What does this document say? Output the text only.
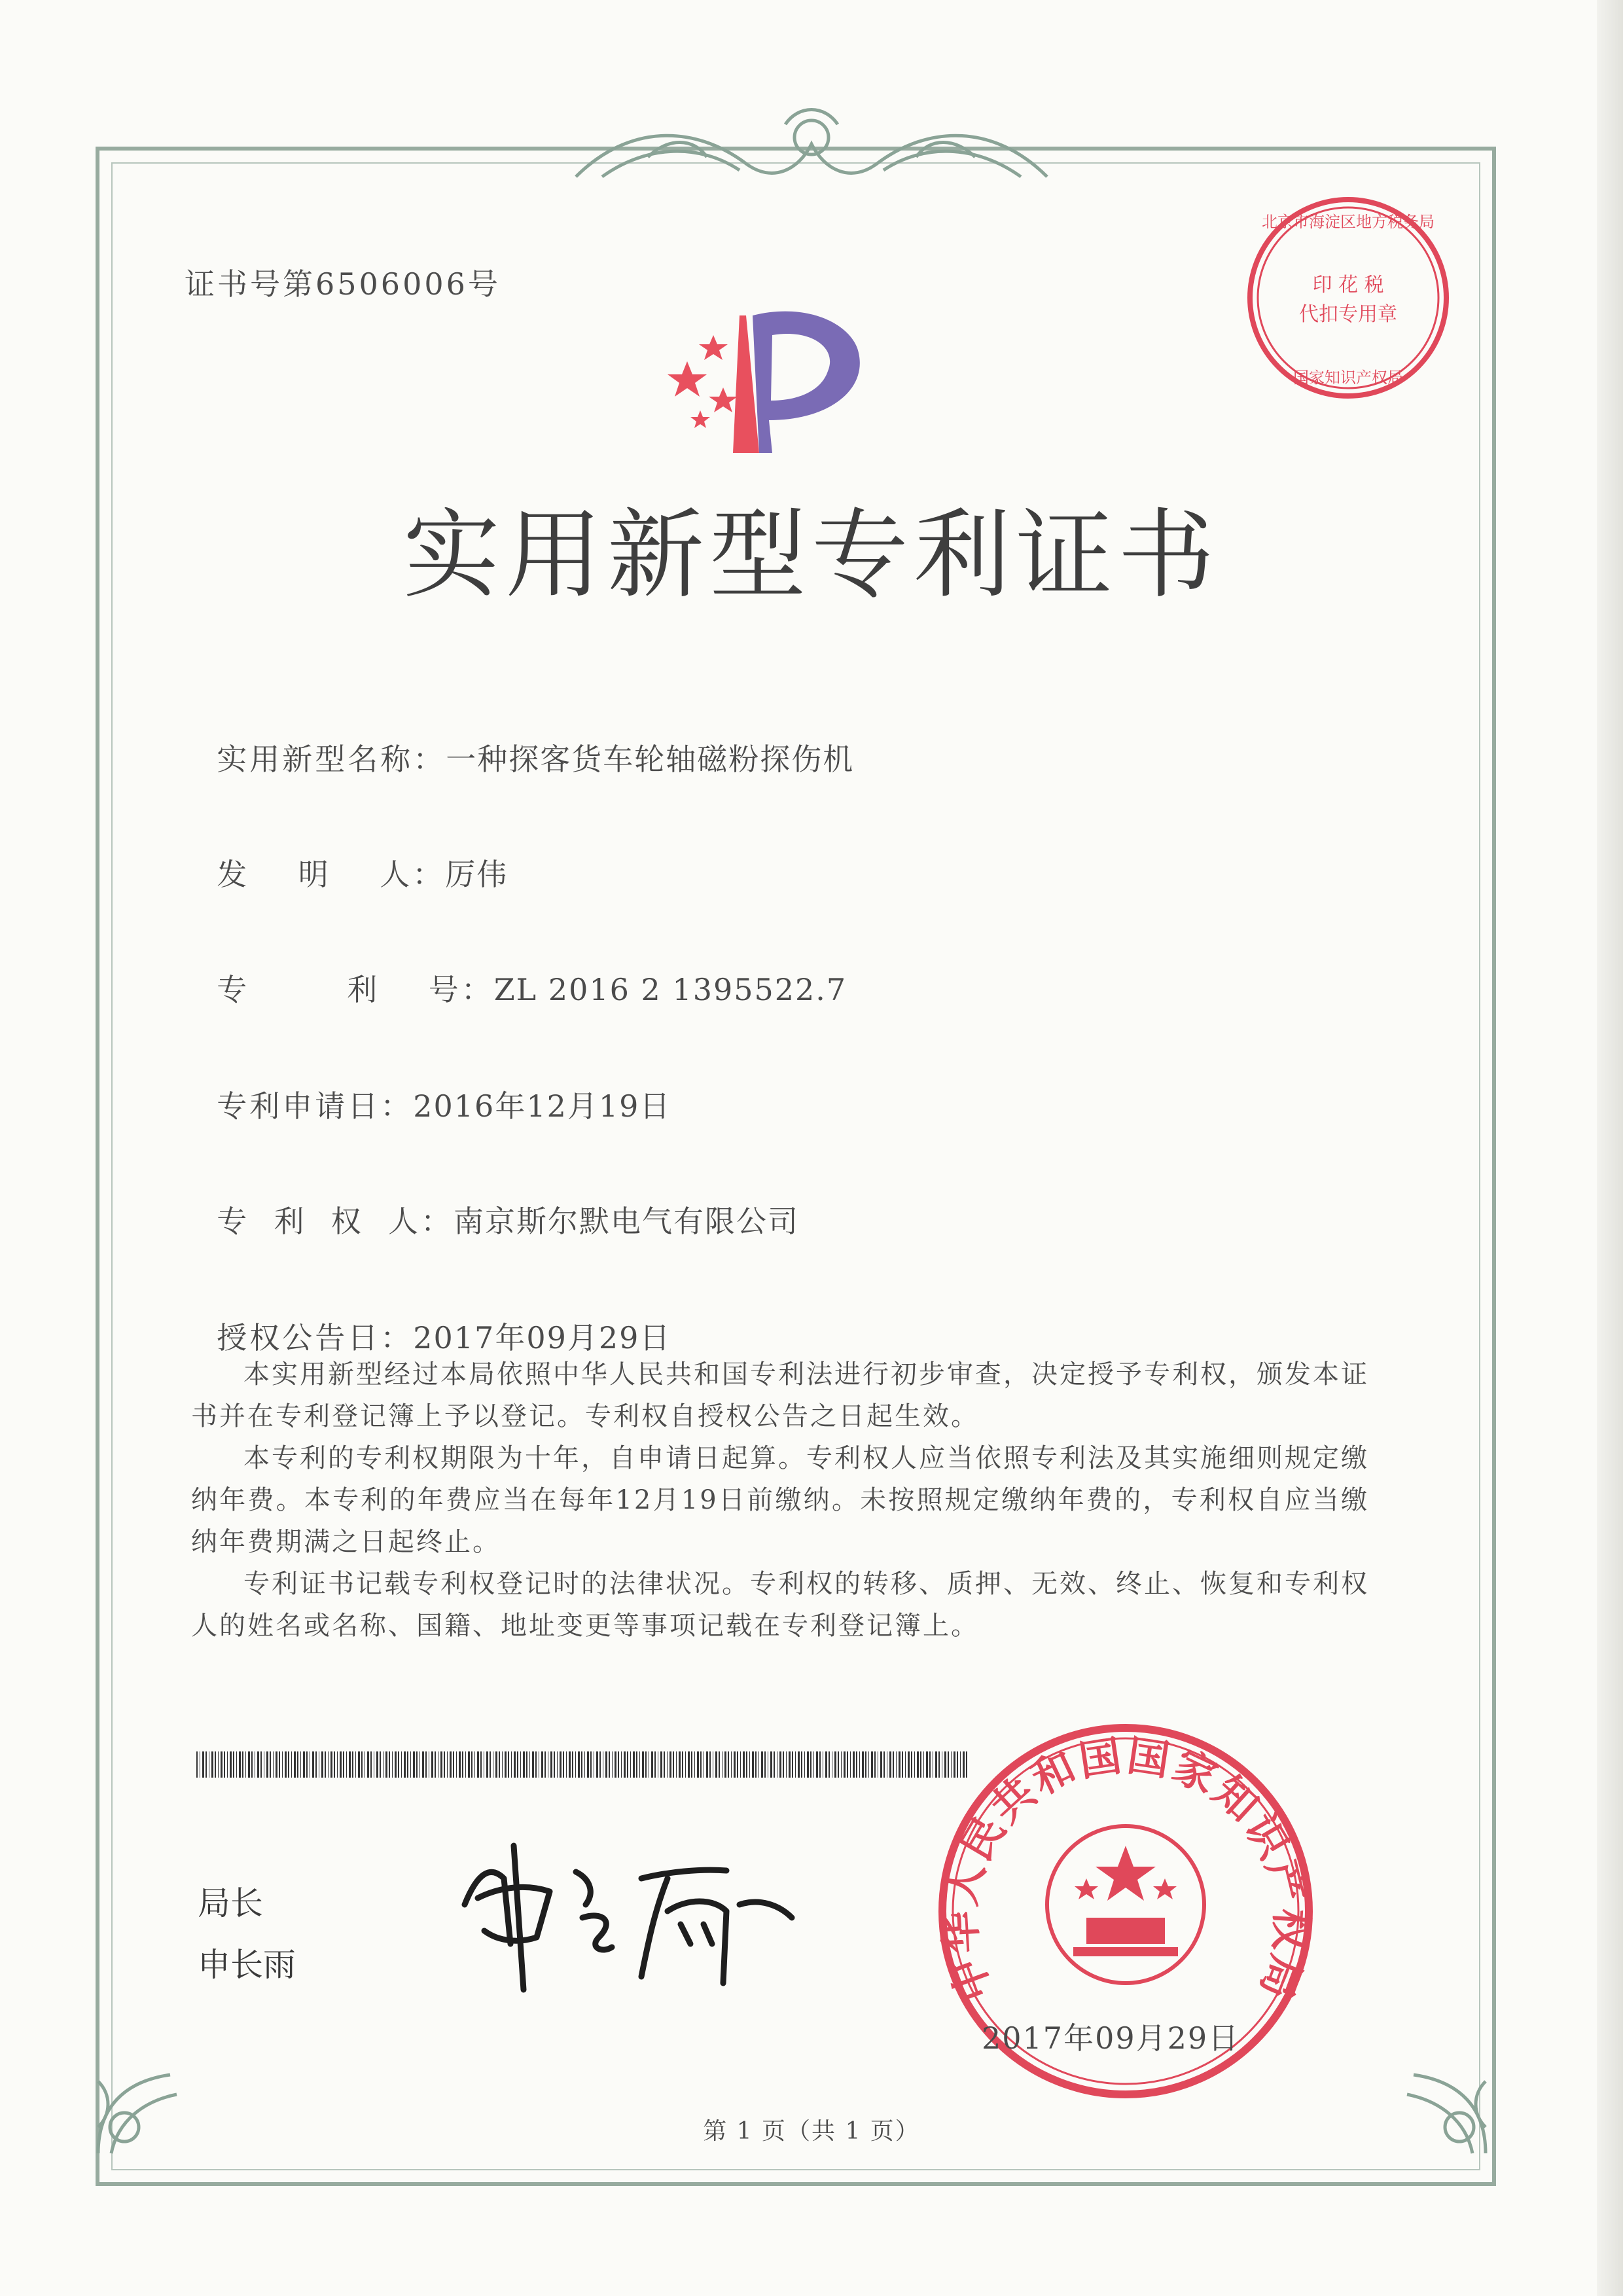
证书号第6506006号	印 花 税
代扣专用章
北京市海淀区地方税务局
国家知识产权局
实用新型专利证书

实用新型名称：一种探客货车轮轴磁粉探伤机

发    明    人：厉伟

专        利    号：ZL 2016 2 1395522.7

专利申请日：2016年12月19日

专  利  权  人：南京斯尔默电气有限公司

授权公告日：2017年09月29日

本实用新型经过本局依照中华人民共和国专利法进行初步审查，决定授予专利权，颁发本证书并在专利登记簿上予以登记。专利权自授权公告之日起生效。

本专利的专利权期限为十年，自申请日起算。专利权人应当依照专利法及其实施细则规定缴纳年费。本专利的年费应当在每年12月19日前缴纳。未按照规定缴纳年费的，专利权自应当缴纳年费期满之日起终止。

专利证书记载专利权登记时的法律状况。专利权的转移、质押、无效、终止、恢复和专利权人的姓名或名称、国籍、地址变更等事项记载在专利登记簿上。

局长
申长雨	中华人民共和国国家知识产权局
2017年09月29日
第 1 页（共 1 页）
